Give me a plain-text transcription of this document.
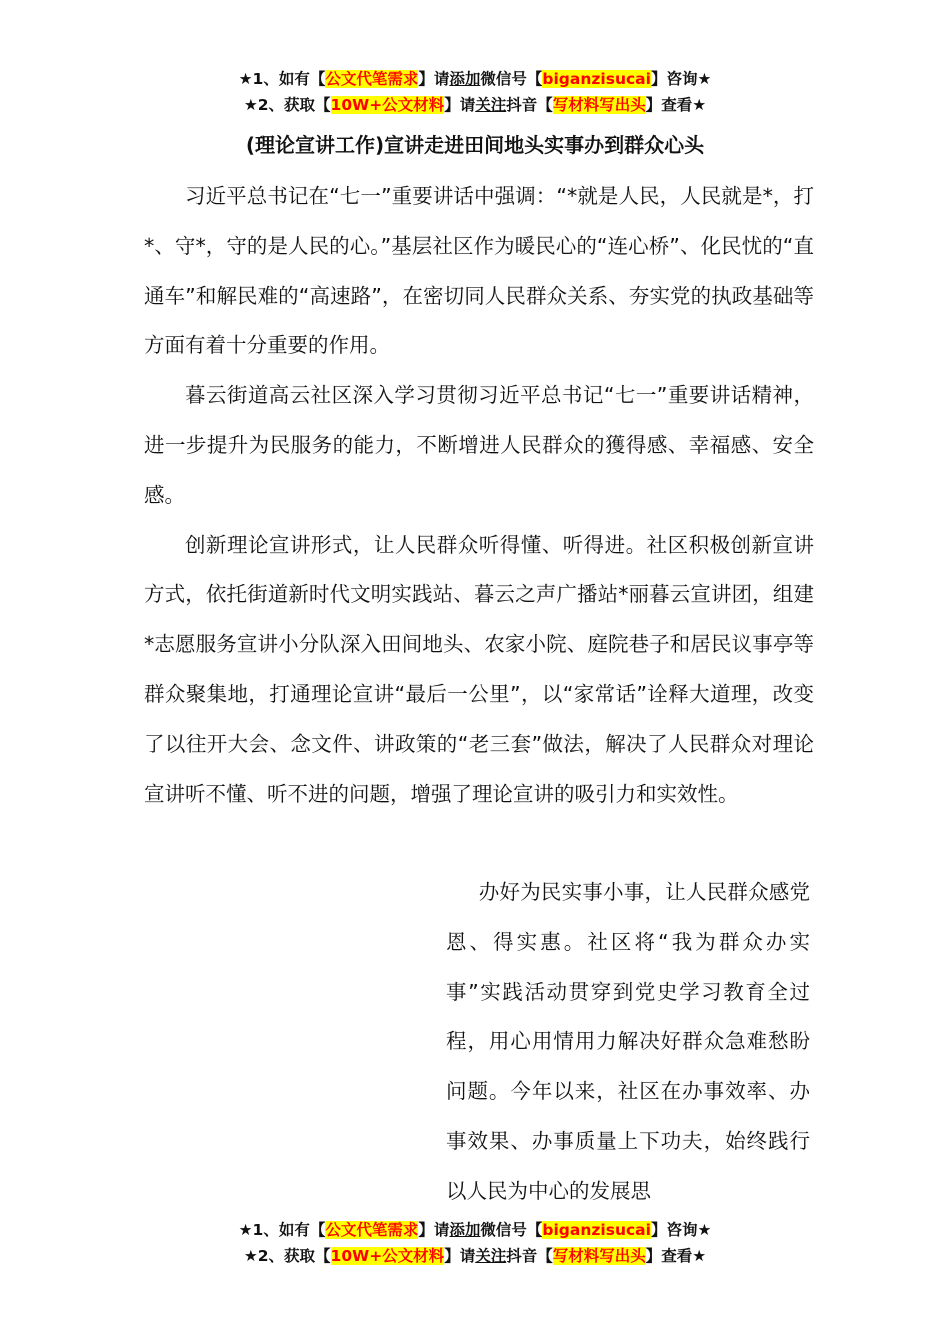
★1、如有【公文代笔需求】请添加微信号【biganzisucai】咨询★
★2、获取【10W+公文材料】请关注抖音【写材料写出头】查看★
(理论宣讲工作)宣讲走进田间地头实事办到群众心头

习近平总书记在“七一”重要讲话中强调：“*就是人民，人民就是*，打*、守*，守的是人民的心。”基层社区作为暖民心的“连心桥”、化民忧的“直通车”和解民难的“高速路”，在密切同人民群众关系、夯实党的执政基础等方面有着十分重要的作用。

暮云街道高云社区深入学习贯彻习近平总书记“七一”重要讲话精神，进一步提升为民服务的能力，不断增进人民群众的獲得感、幸福感、安全感。

创新理论宣讲形式，让人民群众听得懂、听得进。社区积极创新宣讲方式，依托街道新时代文明实践站、暮云之声广播站*丽暮云宣讲团，组建*志愿服务宣讲小分队深入田间地头、农家小院、庭院巷子和居民议事亭等群众聚集地，打通理论宣讲“最后一公里”，以“家常话”诠释大道理，改变了以往开大会、念文件、讲政策的“老三套”做法，解决了人民群众对理论宣讲听不懂、听不进的问题，增强了理论宣讲的吸引力和实效性。

办好为民实事小事，让人民群众感党恩、得实惠。社区将“我为群众办实事”实践活动贯穿到党史学习教育全过程，用心用情用力解决好群众急难愁盼问题。今年以来，社区在办事效率、办事效果、办事质量上下功夫，始终践行以人民为中心的发展思

★1、如有【公文代笔需求】请添加微信号【biganzisucai】咨询★
★2、获取【10W+公文材料】请关注抖音【写材料写出头】查看★
